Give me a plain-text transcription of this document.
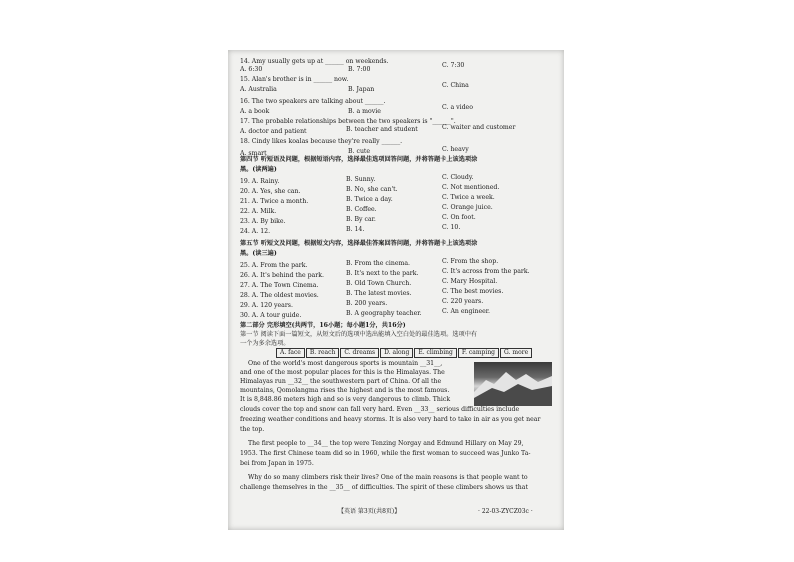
14. Amy usually gets up at ______ on weekends.
A. 6:30	B. 7:00
C. 7:30
15. Alan's brother is in ______ now.
A. Australia	B. Japan
C. China
16. The two speakers are talking about ______.
A. a book	B. a movie
C. a video
17. The probable relationships between the two speakers is "______".
A. doctor and patient	B. teacher and student	C. waiter and customer
18. Cindy likes koalas because they're really ______.
A. smart	B. cute	C. heavy
第四节 听短语及问题，根据短语内容，选择最佳选项回答问题，并将答题卡上该选项涂
黑。(读两遍)
19. A. Rainy.	B. Sunny.	C. Cloudy.
20. A. Yes, she can.	B. No, she can't.	C. Not mentioned.
21. A. Twice a month.	B. Twice a day.	C. Twice a week.
22. A. Milk.	B. Coffee.	C. Orange juice.
23. A. By bike.	B. By car.	C. On foot.
24. A. 12.	B. 14.	C. 10.
第五节 听短文及问题，根据短文内容，选择最佳答案回答问题，并将答题卡上该选项涂
黑。(读三遍)
25. A. From the park.	B. From the cinema.	C. From the shop.
26. A. It's behind the park.	B. It's next to the park.	C. It's across from the park.
27. A. The Town Cinema.	B. Old Town Church.	C. Mary Hospital.
28. A. The oldest movies.	B. The latest movies.	C. The best movies.
29. A. 120 years.	B. 200 years.	C. 220 years.
30. A. A tour guide.	B. A geography teacher.	C. An engineer.
第二部分 完形填空(共两节，16小题；每小题1分，共16分)
第一节 阅读下面一篇短文，从短文后的选项中选出能填入空白处的最佳选项。选项中有
一个为多余选项。
A. face	B. reach	C. dreams	D. along	E. climbing	F. camping	G. more
One of the world's most dangerous sports is mountain __31__,
and one of the most popular places for this is the Himalayas. The
Himalayas run __32__ the southwestern part of China. Of all the
mountains, Qomolangma rises the highest and is the most famous.
It is 8,848.86 meters high and so is very dangerous to climb. Thick
clouds cover the top and snow can fall very hard. Even __33__ serious difficulties include
freezing weather conditions and heavy storms. It is also very hard to take in air as you get near
the top.
The first people to __34__ the top were Tenzing Norgay and Edmund Hillary on May 29,
1953. The first Chinese team did so in 1960, while the first woman to succeed was Junko Ta-
bei from Japan in 1975.
Why do so many climbers risk their lives? One of the main reasons is that people want to
challenge themselves in the __35__ of difficulties. The spirit of these climbers shows us that
【英语 第3页(共8页)】	· 22-03-ZYCZ03c ·
